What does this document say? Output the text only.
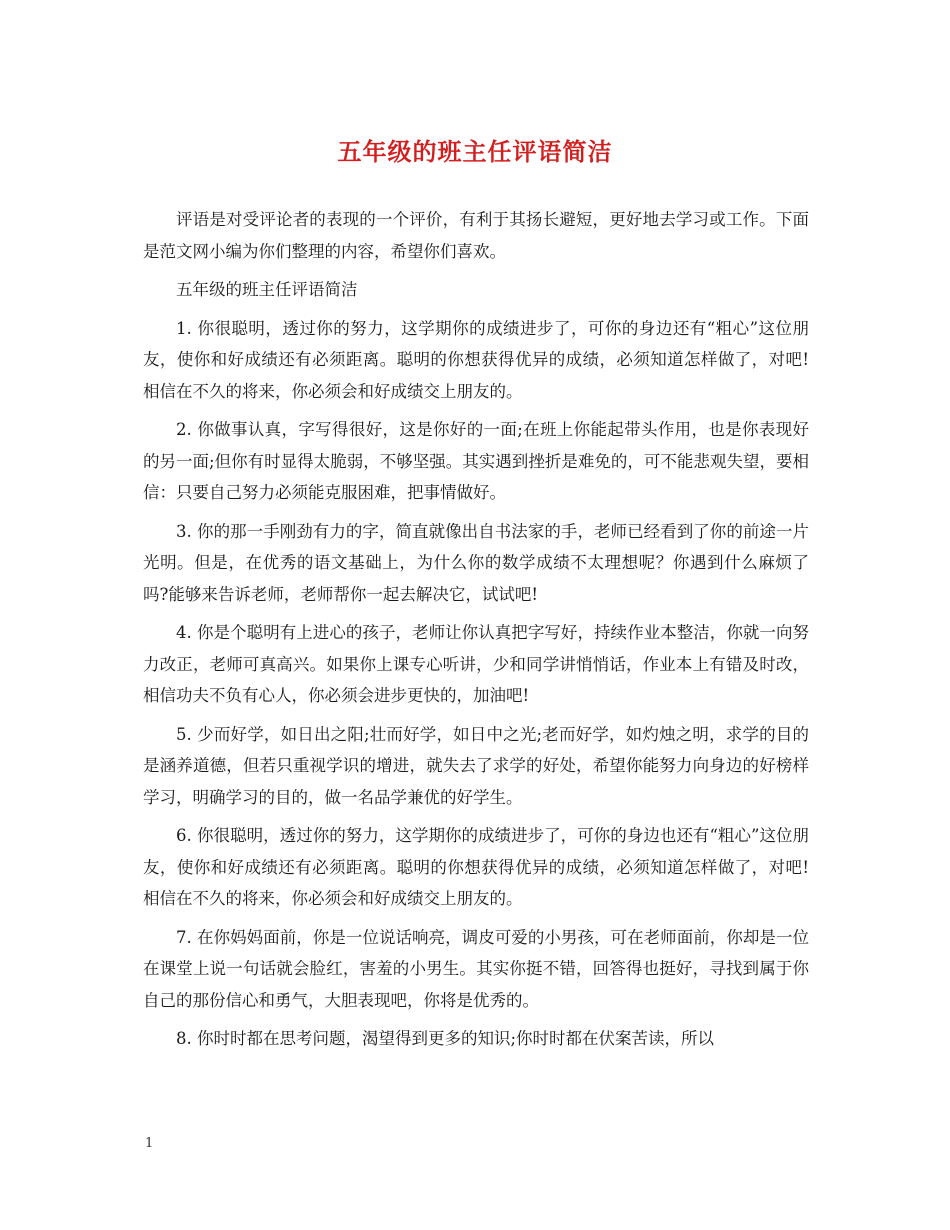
五年级的班主任评语简洁

评语是对受评论者的表现的一个评价，有利于其扬长避短，更好地去学习或工作。下面是范文网小编为你们整理的内容，希望你们喜欢。

五年级的班主任评语简洁

1. 你很聪明，透过你的努力，这学期你的成绩进步了，可你的身边还有“粗心”这位朋友，使你和好成绩还有必须距离。聪明的你想获得优异的成绩，必须知道怎样做了，对吧!相信在不久的将来，你必须会和好成绩交上朋友的。

2. 你做事认真，字写得很好，这是你好的一面;在班上你能起带头作用，也是你表现好的另一面;但你有时显得太脆弱，不够坚强。其实遇到挫折是难免的，可不能悲观失望，要相信：只要自己努力必须能克服困难，把事情做好。

3. 你的那一手刚劲有力的字，简直就像出自书法家的手，老师已经看到了你的前途一片光明。但是，在优秀的语文基础上，为什么你的数学成绩不太理想呢？你遇到什么麻烦了吗?能够来告诉老师，老师帮你一起去解决它，试试吧!

4. 你是个聪明有上进心的孩子，老师让你认真把字写好，持续作业本整洁，你就一向努力改正，老师可真高兴。如果你上课专心听讲，少和同学讲悄悄话，作业本上有错及时改，相信功夫不负有心人，你必须会进步更快的，加油吧!

5. 少而好学，如日出之阳;壮而好学，如日中之光;老而好学，如灼烛之明，求学的目的是涵养道德，但若只重视学识的增进，就失去了求学的好处，希望你能努力向身边的好榜样学习，明确学习的目的，做一名品学兼优的好学生。

6. 你很聪明，透过你的努力，这学期你的成绩进步了，可你的身边也还有“粗心”这位朋友，使你和好成绩还有必须距离。聪明的你想获得优异的成绩，必须知道怎样做了，对吧!相信在不久的将来，你必须会和好成绩交上朋友的。

7. 在你妈妈面前，你是一位说话响亮，调皮可爱的小男孩，可在老师面前，你却是一位在课堂上说一句话就会脸红，害羞的小男生。其实你挺不错，回答得也挺好，寻找到属于你自己的那份信心和勇气，大胆表现吧，你将是优秀的。

8. 你时时都在思考问题，渴望得到更多的知识;你时时都在伏案苦读，所以

1
